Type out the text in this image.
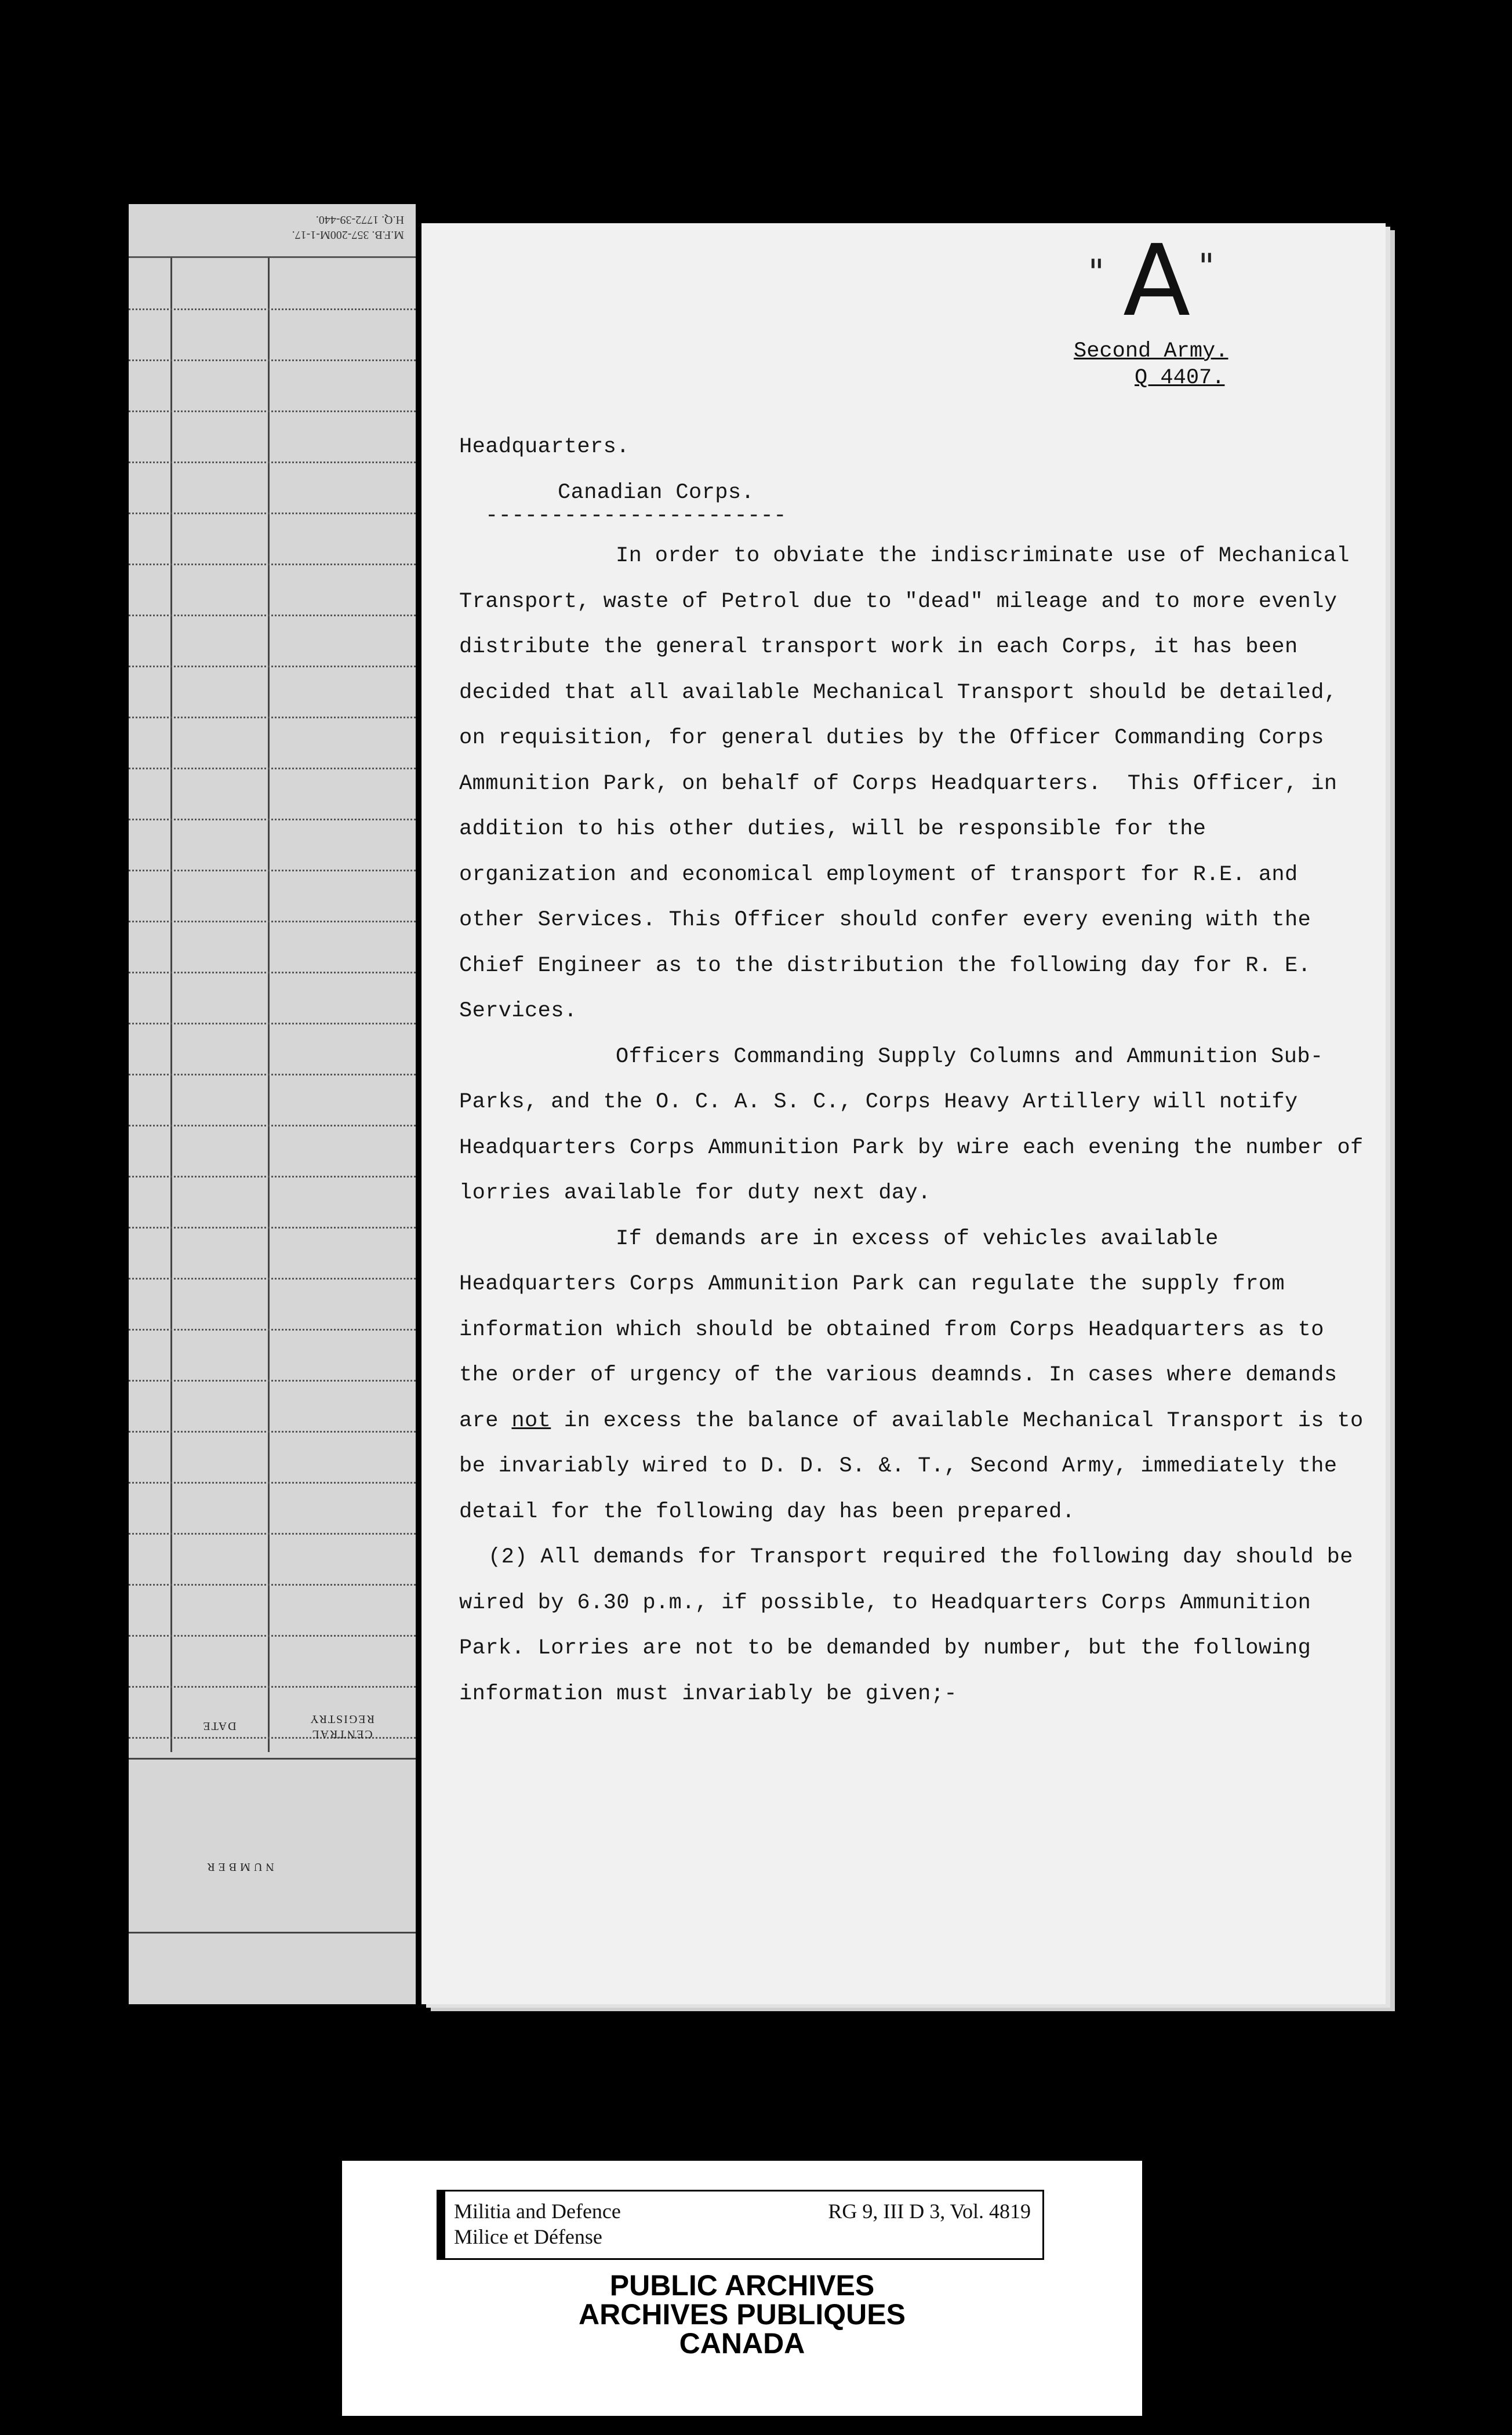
M.F.B. 357-200M-1-17.
H.Q. 1772-39-440.
CENTRAL
REGISTRY
DATE
NUMBER
" A "
Second Army.
Q 4407.
Headquarters.
Canadian Corps.
-----------------------

In order to obviate the indiscriminate use of Mechanical Transport, waste of Petrol due to "dead" mileage and to more evenly distribute the general transport work in each Corps, it has been decided that all available Mechanical Transport should be detailed, on requisition, for general duties by the Officer Commanding Corps Ammunition Park, on behalf of Corps Headquarters.  This Officer, in addition to his other duties, will be responsible for the organization and economical employment of transport for R.E. and other Services. This Officer should confer every evening with the Chief Engineer as to the distribution the following day for R. E. Services.

Officers Commanding Supply Columns and Ammunition Sub-Parks, and the O. C. A. S. C., Corps Heavy Artillery will notify Headquarters Corps Ammunition Park by wire each evening the number of lorries available for duty next day.

If demands are in excess of vehicles available Headquarters Corps Ammunition Park can regulate the supply from information which should be obtained from Corps Headquarters as to the order of urgency of the various deamnds. In cases where demands are not in excess the balance of available Mechanical Transport is to be invariably wired to D. D. S. &. T., Second Army, immediately the detail for the following day has been prepared.

(2) All demands for Transport required the following day should be wired by 6.30 p.m., if possible, to Headquarters Corps Ammunition Park. Lorries are not to be demanded by number, but the following information must invariably be given;-

Militia and Defence
Milice et Défense
RG 9, III D 3, Vol. 4819
PUBLIC ARCHIVES
ARCHIVES PUBLIQUES
CANADA
